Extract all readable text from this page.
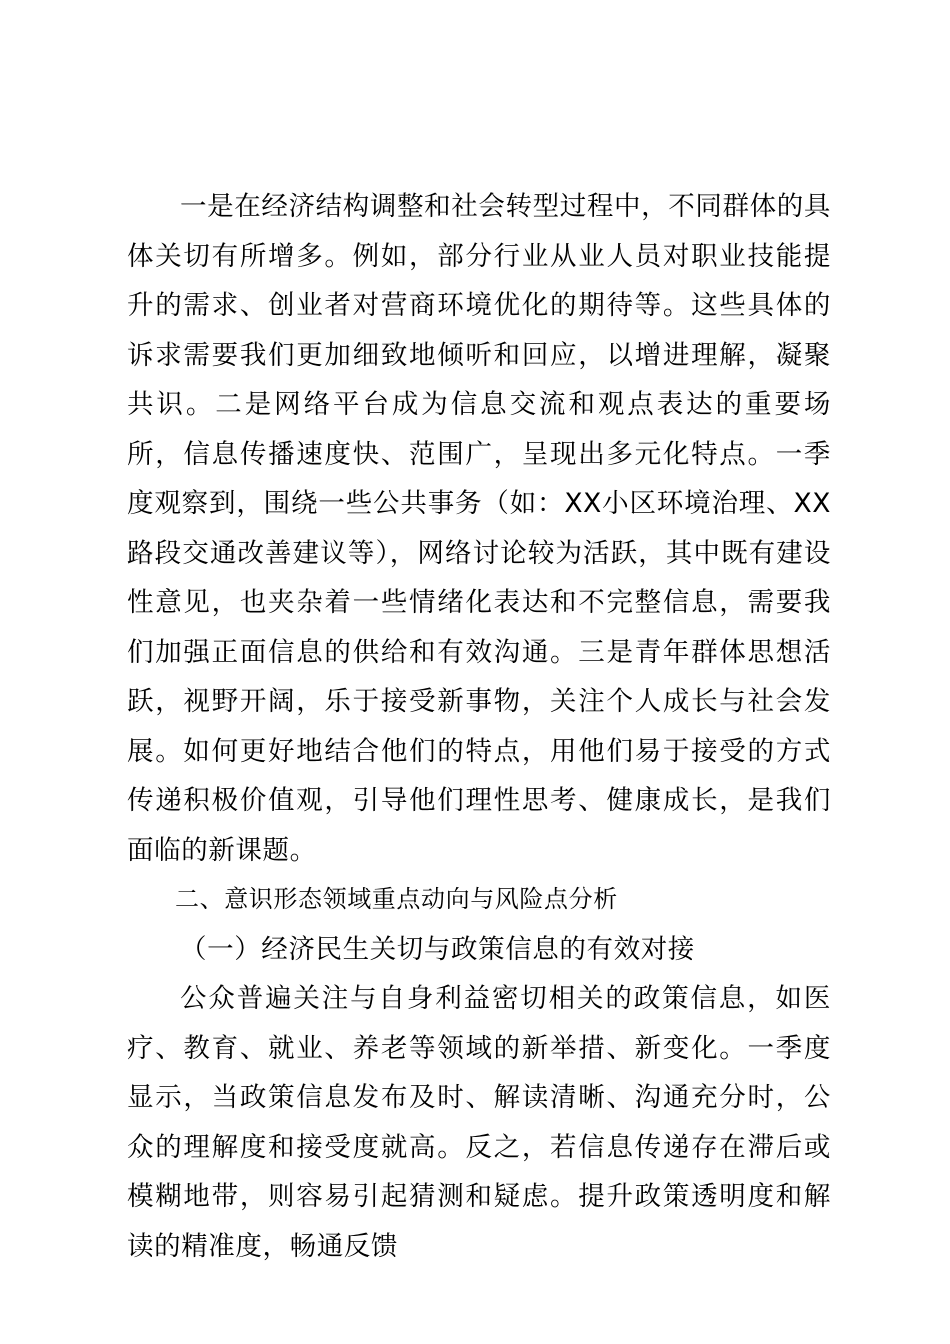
一是在经济结构调整和社会转型过程中，不同群体的具体关切有所增多。例如，部分行业从业人员对职业技能提升的需求、创业者对营商环境优化的期待等。这些具体的诉求需要我们更加细致地倾听和回应，以增进理解，凝聚共识。二是网络平台成为信息交流和观点表达的重要场所，信息传播速度快、范围广，呈现出多元化特点。一季度观察到，围绕一些公共事务（如：XX小区环境治理、XX路段交通改善建议等），网络讨论较为活跃，其中既有建设性意见，也夹杂着一些情绪化表达和不完整信息，需要我们加强正面信息的供给和有效沟通。三是青年群体思想活跃，视野开阔，乐于接受新事物，关注个人成长与社会发展。如何更好地结合他们的特点，用他们易于接受的方式传递积极价值观，引导他们理性思考、健康成长，是我们面临的新课题。

二、意识形态领域重点动向与风险点分析

（一）经济民生关切与政策信息的有效对接

公众普遍关注与自身利益密切相关的政策信息，如医疗、教育、就业、养老等领域的新举措、新变化。一季度显示，当政策信息发布及时、解读清晰、沟通充分时，公众的理解度和接受度就高。反之，若信息传递存在滞后或模糊地带，则容易引起猜测和疑虑。提升政策透明度和解读的精准度，畅通反馈
